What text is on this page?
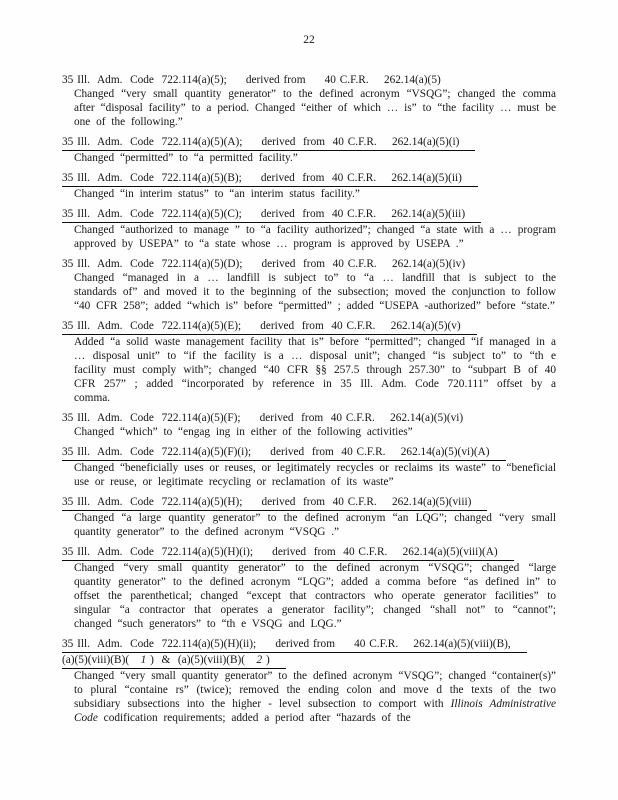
22
35 Ill.  Adm.  Code  722.114(a)(5);     derived from     40 C.F.R.    262.14(a)(5)
Changed “very small quantity generator” to the defined acronym “VSQG”; changed the comma after “disposal facility” to a period. Changed “either of which … is” to “the facility … must be one of the following.”
35 Ill.  Adm.  Code  722.114(a)(5)(A);     derived  from  40 C.F.R.    262.14(a)(5)(i)
Changed “permitted” to “a permitted facility.”
35 Ill.  Adm.  Code  722.114(a)(5)(B);     derived  from  40 C.F.R.    262.14(a)(5)(ii)
Changed “in interim status” to “an interim status facility.”
35 Ill.  Adm.  Code  722.114(a)(5)(C);     derived  from  40 C.F.R.    262.14(a)(5)(iii)
Changed “authorized to manage ” to “a facility authorized”; changed “a state with a … program approved by USEPA” to “a state whose … program is approved by USEPA .”
35 Ill.  Adm.  Code  722.114(a)(5)(D);     derived  from  40 C.F.R.    262.14(a)(5)(iv)
Changed “managed in a … landfill is subject to” to “a … landfill that is subject to the standards of” and moved it to the beginning of the subsection; moved the conjunction to follow “40 CFR 258”; added “which is” before “permitted” ; added “USEPA -authorized” before “state.”
35 Ill.  Adm.  Code  722.114(a)(5)(E);     derived  from  40 C.F.R.    262.14(a)(5)(v)
Added “a solid waste management facility that is” before “permitted”; changed “if managed in a … disposal unit” to “if the facility is a … disposal unit”; changed “is subject to” to “th e facility must comply with”; changed “40 CFR §§ 257.5 through 257.30” to “subpart B of 40 CFR 257” ; added “incorporated by reference in 35 Ill. Adm. Code 720.111” offset by a comma.
35 Ill.  Adm.  Code  722.114(a)(5)(F);     derived  from  40 C.F.R.    262.14(a)(5)(vi)
Changed “which” to “engag ing in either of the following activities”
35 Ill.  Adm.  Code  722.114(a)(5)(F)(i);     derived  from  40 C.F.R.    262.14(a)(5)(vi)(A)
Changed “beneficially uses or reuses, or legitimately recycles or reclaims its waste” to “beneficial use or reuse, or legitimate recycling or reclamation of its waste”
35 Ill.  Adm.  Code  722.114(a)(5)(H);     derived  from  40 C.F.R.    262.14(a)(5)(viii)
Changed “a large quantity generator” to the defined acronym “an LQG”; changed “very small quantity generator” to the defined acronym “VSQG .”
35 Ill.  Adm.  Code  722.114(a)(5)(H)(i);     derived  from  40 C.F.R.    262.14(a)(5)(viii)(A)
Changed “very small quantity generator” to the defined acronym “VSQG”; changed “large quantity generator” to the defined acronym “LQG”; added a comma before “as defined in” to offset the parenthetical; changed “except that contractors who operate generator facilities” to singular “a contractor that operates a generator facility”; changed “shall not” to “cannot”; changed “such generators” to “th e VSQG and LQG.”
35 Ill.  Adm.  Code  722.114(a)(5)(H)(ii);     derived from     40 C.F.R.    262.14(a)(5)(viii)(B),
(a)(5)(viii)(B)(   1 )  &  (a)(5)(viii)(B)(   2 )
Changed “very small quantity generator” to the defined acronym “VSQG”; changed “container(s)” to plural “containe rs” (twice); removed the ending colon and move d the texts of the two subsidiary subsections into the higher - level subsection to comport with Illinois Administrative Code codification requirements; added a period after “hazards of the
